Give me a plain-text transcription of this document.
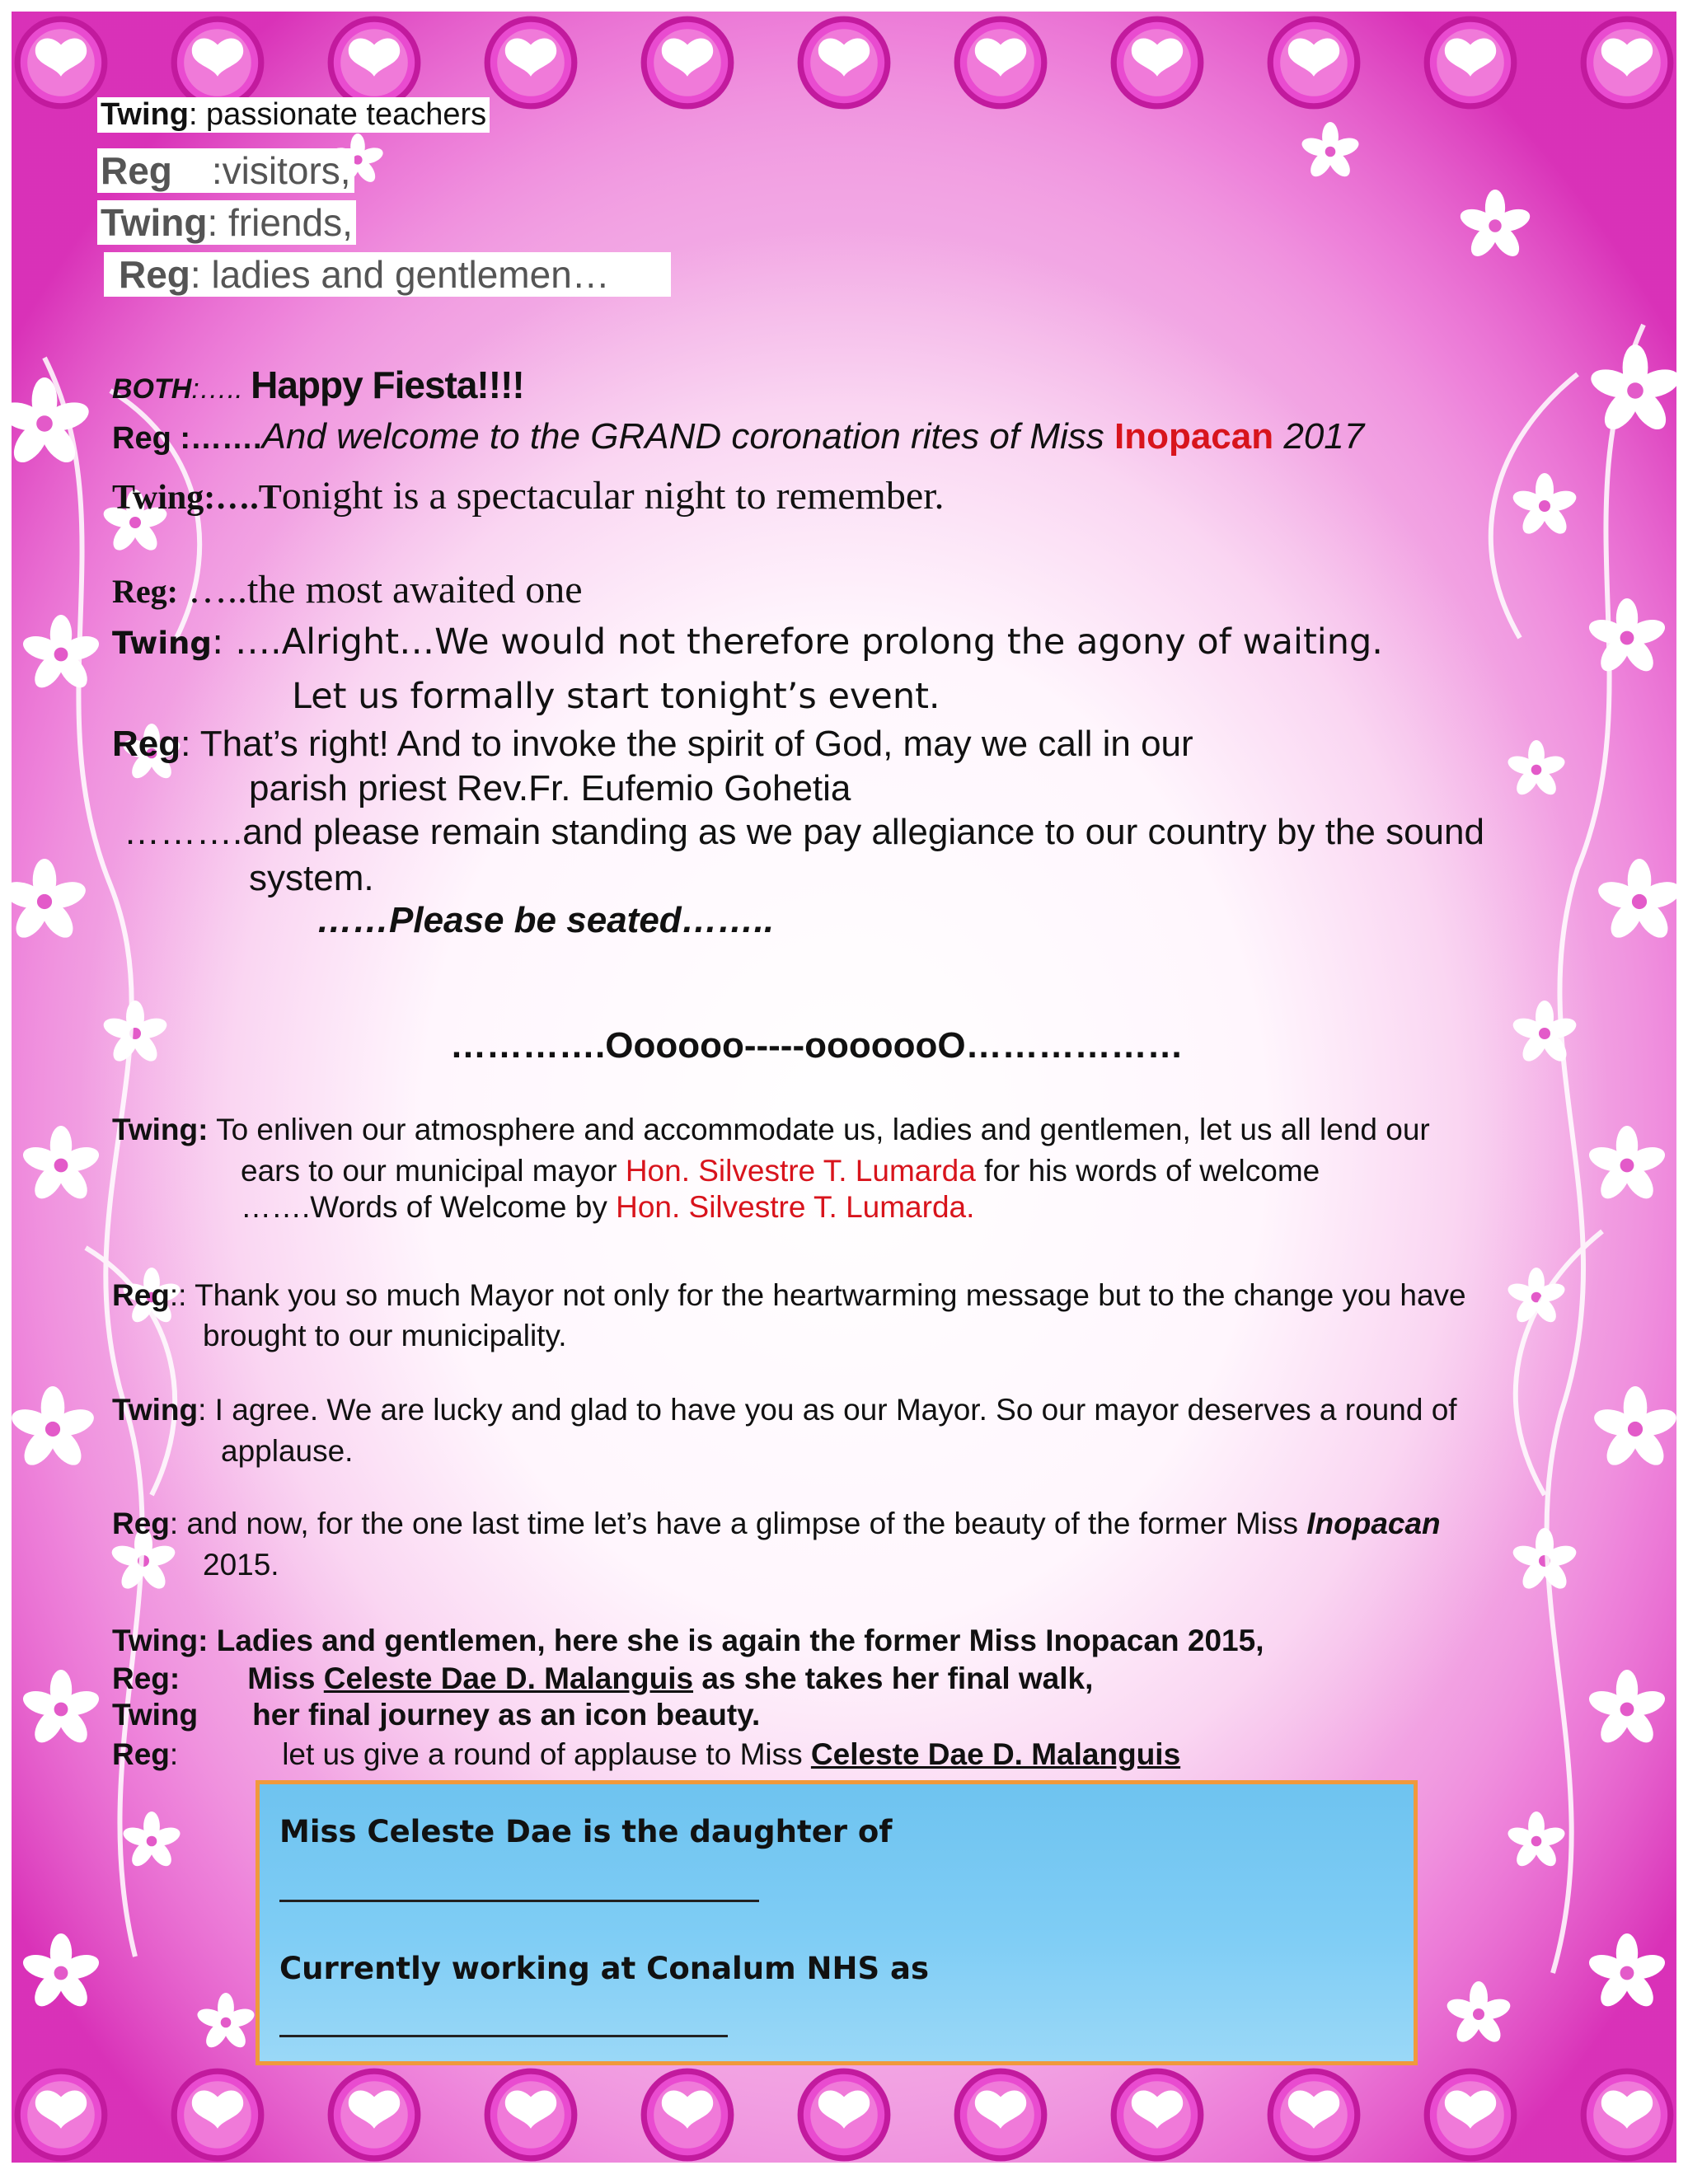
Twing: passionate teachers
Reg :visitors,
Twing: friends,
Reg: ladies and gentlemen…
BOTH:….. Happy Fiesta!!!!
Reg :…….And welcome to the GRAND coronation rites of Miss Inopacan 2017
Twing:….Tonight is a spectacular night to remember.
Reg: …..the most awaited one
Twing: ….Alright…We would not therefore prolong the agony of waiting.
Let us formally start tonight’s event.
Reg: That’s right! And to invoke the spirit of God, may we call in our
parish priest Rev.Fr. Eufemio Gohetia
……….and please remain standing as we pay allegiance to our country by the sound
system.
……Please be seated……..
………….Oooooo-----ooooooO………………
Twing: To enliven our atmosphere and accommodate us, ladies and gentlemen, let us all lend our
ears to our municipal mayor Hon. Silvestre T. Lumarda for his words of welcome
…….Words of Welcome by Hon. Silvestre T. Lumarda.
Reg:: Thank you so much Mayor not only for the heartwarming message but to the change you have
brought to our municipality.
Twing: I agree. We are lucky and glad to have you as our Mayor. So our mayor deserves a round of
applause.
Reg: and now, for the one last time let’s have a glimpse of the beauty of the former Miss Inopacan
2015.
Twing: Ladies and gentlemen, here she is again the former Miss Inopacan 2015,
Reg: Miss Celeste Dae D. Malanguis as she takes her final walk,
Twing her final journey as an icon beauty.
Reg:	let us give a round of applause to Miss Celeste Dae D. Malanguis
Miss Celeste Dae is the daughter of
Currently working at Conalum NHS as
